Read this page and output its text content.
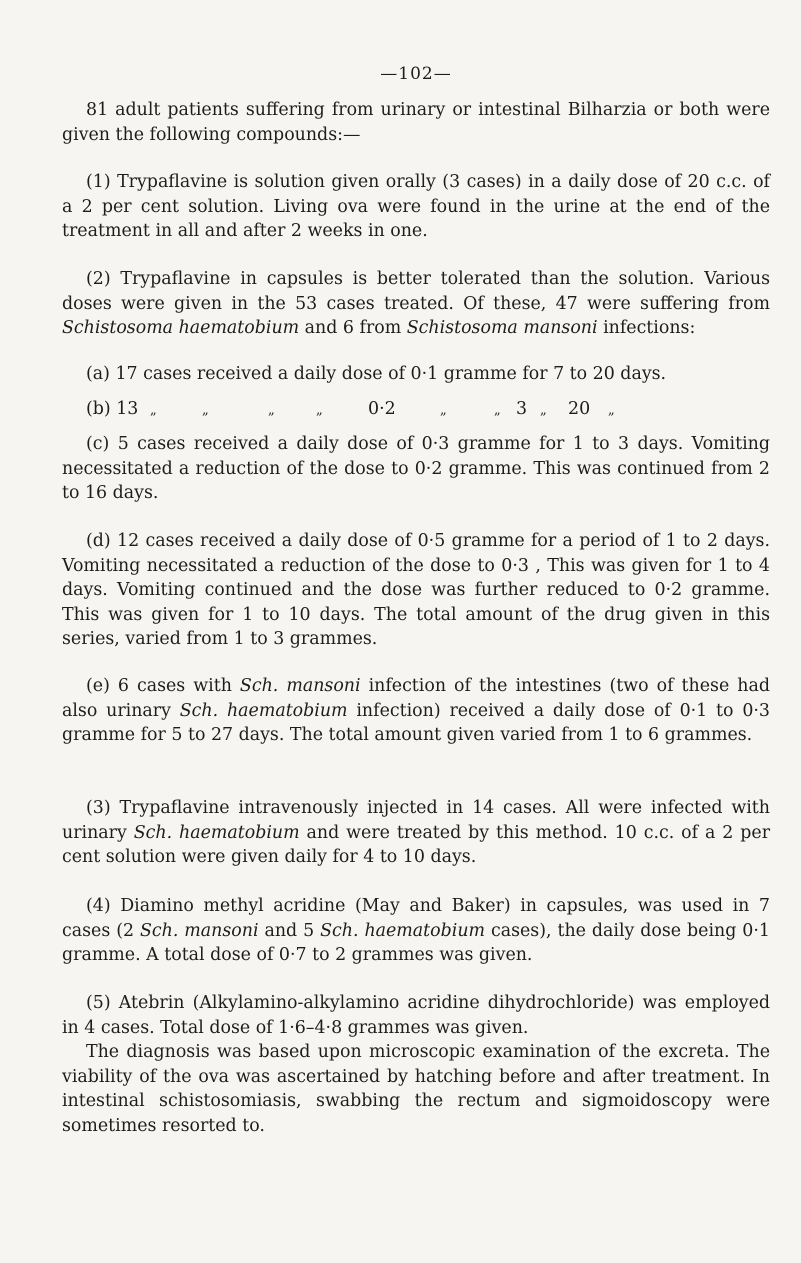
—102—

81 adult patients suffering from urinary or intestinal Bilharzia or both were given the following compounds:—

(1) Trypaflavine is solution given orally (3 cases) in a daily dose of 20 c.c. of a 2 per cent solution. Living ova were found in the urine at the end of the treatment in all and after 2 weeks in one.

(2) Trypaflavine in capsules is better tolerated than the solution. Various doses were given in the 53 cases treated. Of these, 47 were suffering from Schistosoma haematobium and 6 from Schistosoma mansoni infections:

(a) 17 cases received a daily dose of 0·1 gramme for 7 to 20 days.

(b) 13 „	„	„	„	0·2	„	„ 3 „ 20 „

(c) 5 cases received a daily dose of 0·3 gramme for 1 to 3 days. Vomiting necessitated a reduction of the dose to 0·2 gramme. This was continued from 2 to 16 days.

(d) 12 cases received a daily dose of 0·5 gramme for a period of 1 to 2 days. Vomiting necessitated a reduction of the dose to 0·3 , This was given for 1 to 4 days. Vomiting continued and the dose was further reduced to 0·2 gramme. This was given for 1 to 10 days. The total amount of the drug given in this series, varied from 1 to 3 grammes.

(e) 6 cases with Sch. mansoni infection of the intestines (two of these had also urinary Sch. haematobium infection) received a daily dose of 0·1 to 0·3 gramme for 5 to 27 days. The total amount given varied from 1 to 6 grammes.

(3) Trypaflavine intravenously injected in 14 cases. All were infected with urinary Sch. haematobium and were treated by this method. 10 c.c. of a 2 per cent solution were given daily for 4 to 10 days.

(4) Diamino methyl acridine (May and Baker) in capsules, was used in 7 cases (2 Sch. mansoni and 5 Sch. haematobium cases), the daily dose being 0·1 gramme. A total dose of 0·7 to 2 grammes was given.

(5) Atebrin (Alkylamino-alkylamino acridine dihydrochloride) was employed in 4 cases. Total dose of 1·6–4·8 grammes was given.

The diagnosis was based upon microscopic examination of the excreta. The viability of the ova was ascertained by hatching before and after treatment. In intestinal schistosomiasis, swabbing the rectum and sigmoidoscopy were sometimes resorted to.
